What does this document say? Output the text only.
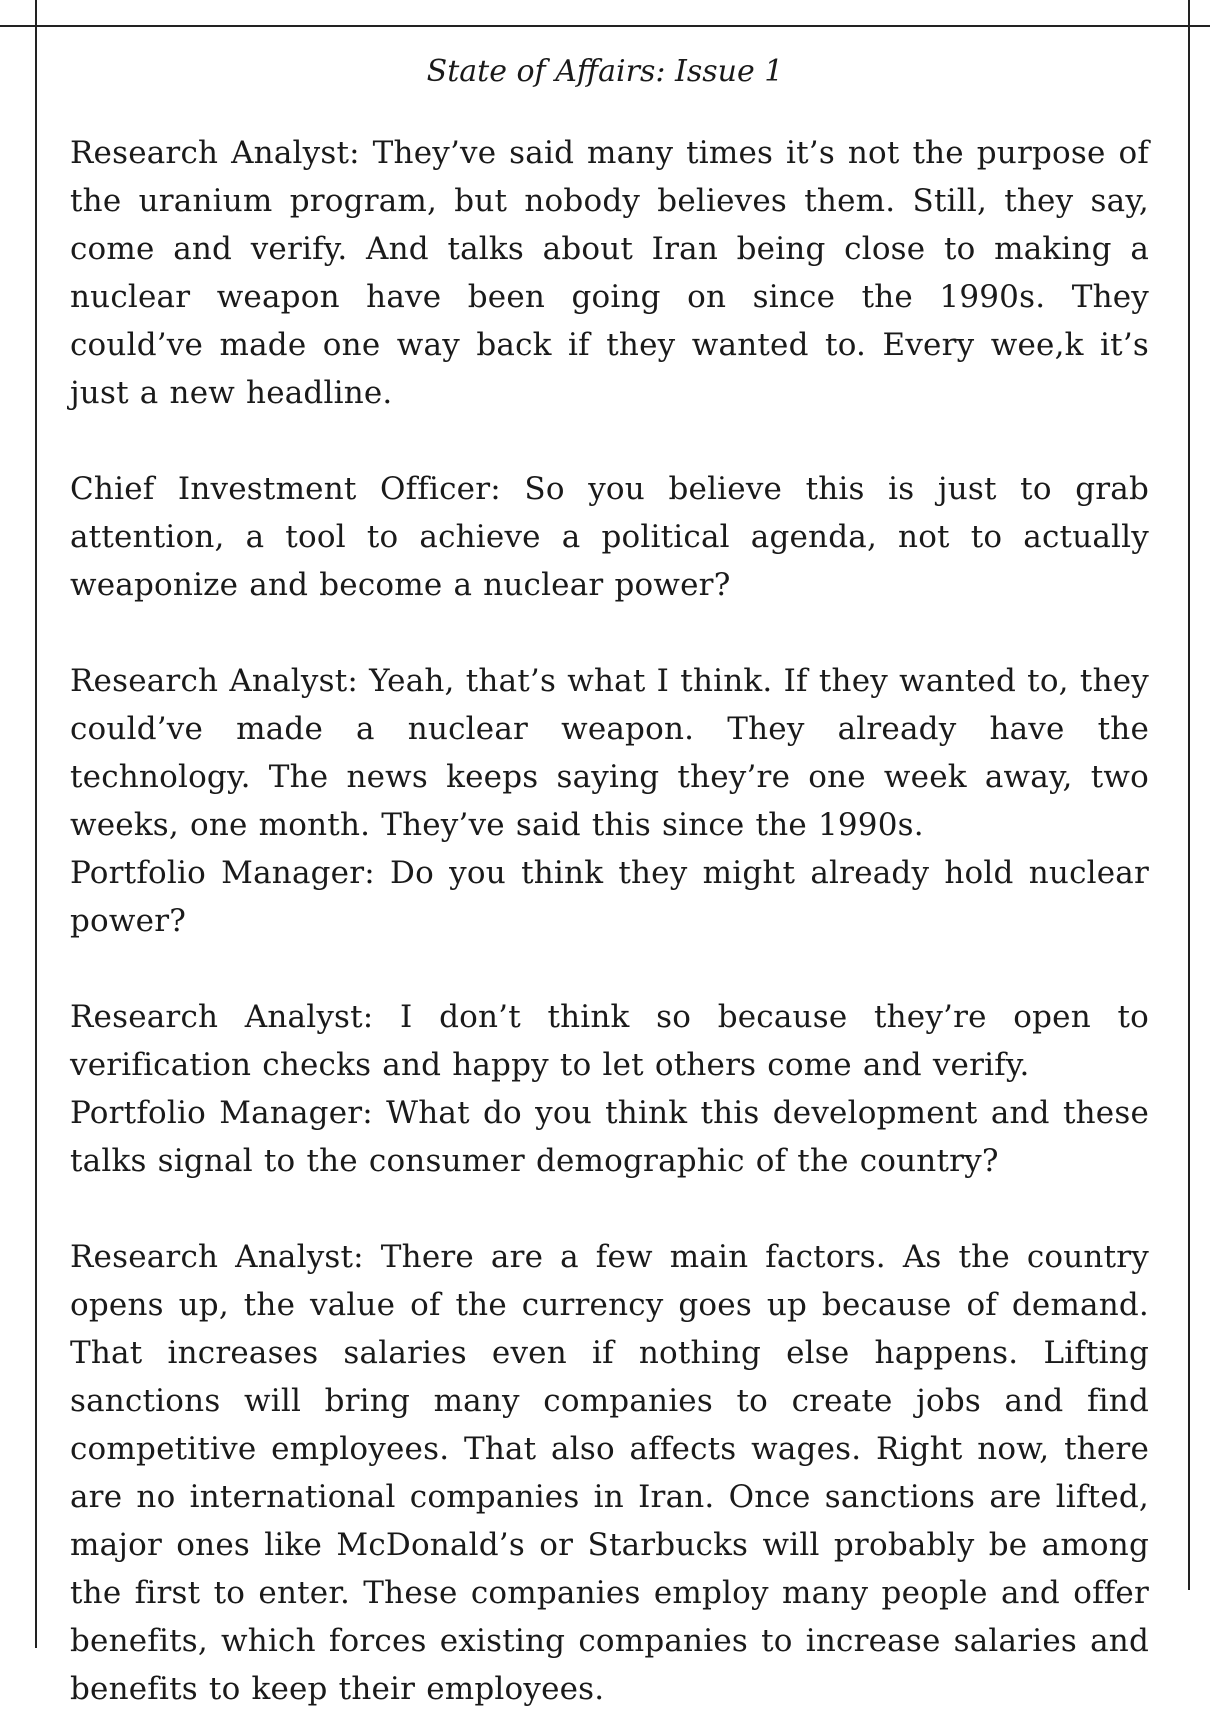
State of Affairs: Issue 1

Research Analyst: They’ve said many times it’s not the purpose of the uranium program, but nobody believes them. Still, they say, come and verify. And talks about Iran being close to making a nuclear weapon have been going on since the 1990s. They could’ve made one way back if they wanted to. Every wee,k it’s just a new headline.

Chief Investment Officer: So you believe this is just to grab attention, a tool to achieve a political agenda, not to actually weaponize and become a nuclear power?

Research Analyst: Yeah, that’s what I think. If they wanted to, they could’ve made a nuclear weapon. They already have the technology. The news keeps saying they’re one week away, two weeks, one month. They’ve said this since the 1990s.

Portfolio Manager: Do you think they might already hold nuclear power?

Research Analyst: I don’t think so because they’re open to verification checks and happy to let others come and verify.

Portfolio Manager: What do you think this development and these talks signal to the consumer demographic of the country?

Research Analyst: There are a few main factors. As the country opens up, the value of the currency goes up because of demand. That increases salaries even if nothing else happens. Lifting sanctions will bring many companies to create jobs and find competitive employees. That also affects wages. Right now, there are no international companies in Iran. Once sanctions are lifted, major ones like McDonald’s or Starbucks will probably be among the first to enter. These companies employ many people and offer benefits, which forces existing companies to increase salaries and benefits to keep their employees.
